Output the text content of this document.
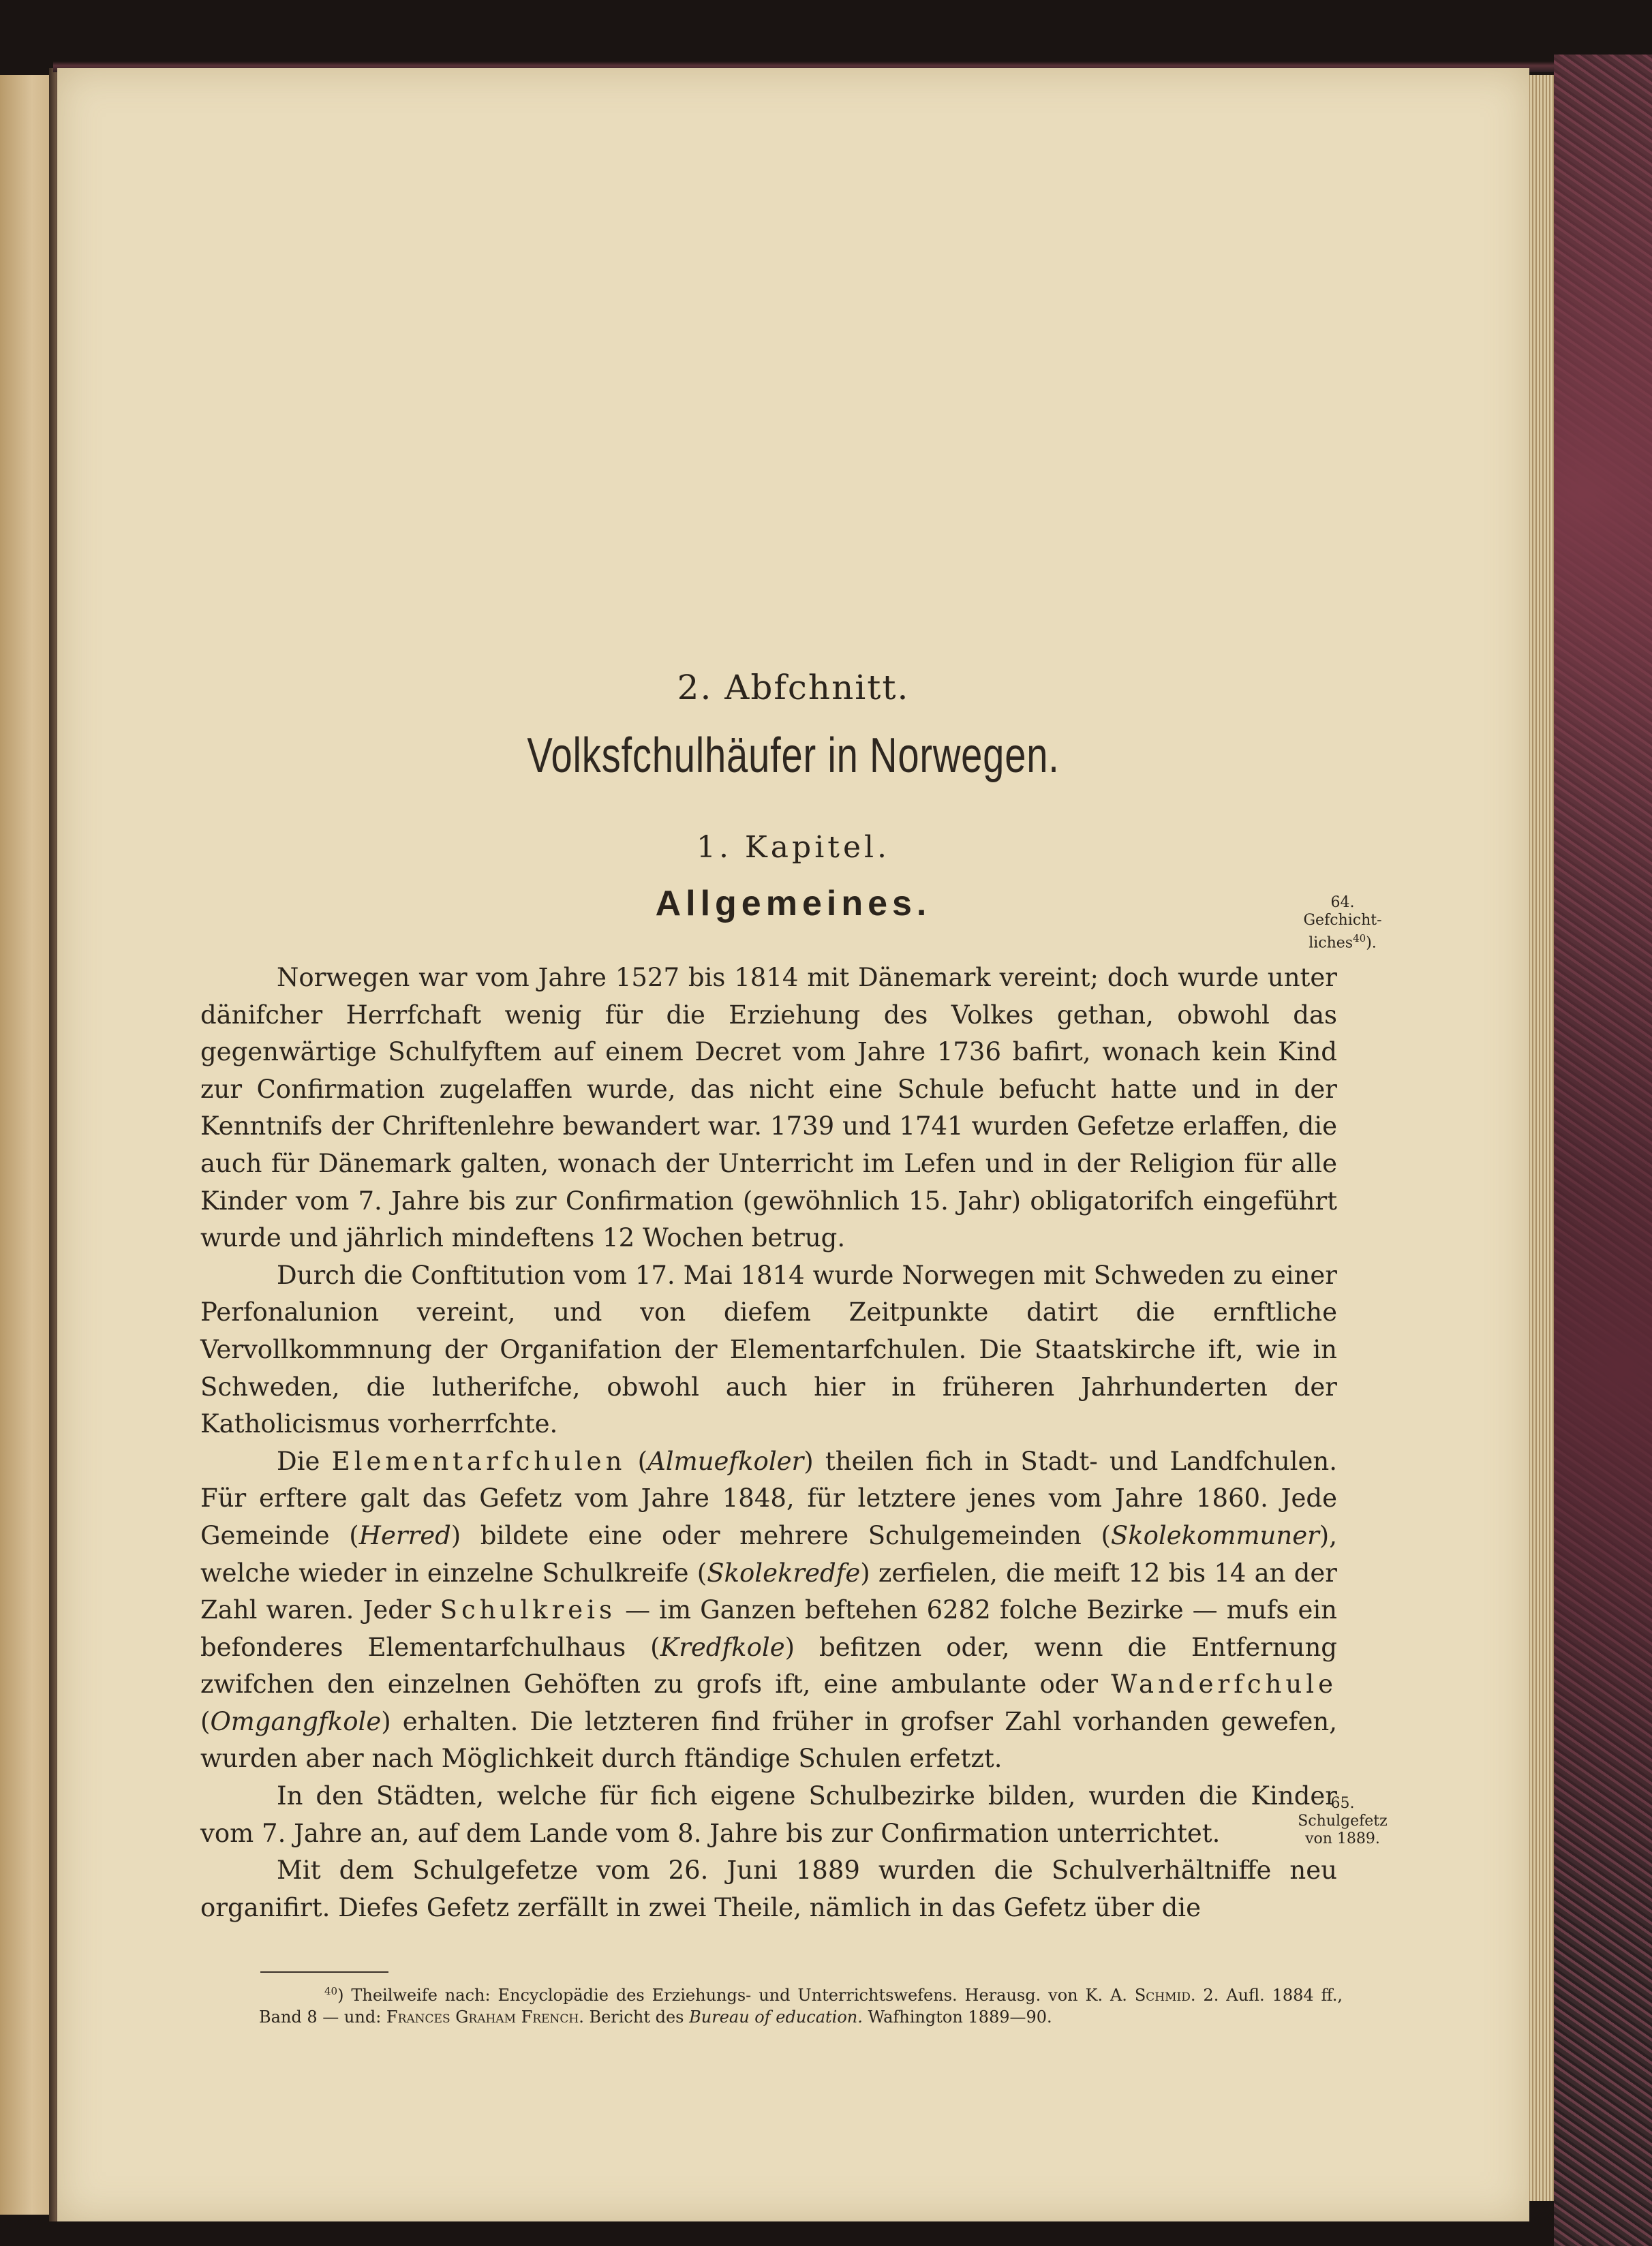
2. Abfchnitt.
Volksfchulhäufer in Norwegen.
1. Kapitel.
Allgemeines.

Norwegen war vom Jahre 1527 bis 1814 mit Dänemark vereint; doch wurde unter dänifcher Herrfchaft wenig für die Erziehung des Volkes gethan, obwohl das gegenwärtige Schulfyftem auf einem Decret vom Jahre 1736 bafirt, wonach kein Kind zur Confirmation zugelaffen wurde, das nicht eine Schule befucht hatte und in der Kenntnifs der Chriftenlehre bewandert war. 1739 und 1741 wurden Gefetze erlaffen, die auch für Dänemark galten, wonach der Unterricht im Lefen und in der Religion für alle Kinder vom 7. Jahre bis zur Confirmation (gewöhnlich 15. Jahr) obligatorifch eingeführt wurde und jährlich mindeftens 12 Wochen betrug.

Durch die Conftitution vom 17. Mai 1814 wurde Norwegen mit Schweden zu einer Perfonalunion vereint, und von diefem Zeitpunkte datirt die ernftliche Vervollkommnung der Organifation der Elementarfchulen. Die Staatskirche ift, wie in Schweden, die lutherifche, obwohl auch hier in früheren Jahrhunderten der Katholicismus vorherrfchte.

Die Elementarfchulen (Almuefkoler) theilen fich in Stadt- und Landfchulen. Für erftere galt das Gefetz vom Jahre 1848, für letztere jenes vom Jahre 1860. Jede Gemeinde (Herred) bildete eine oder mehrere Schulgemeinden (Skolekommuner), welche wieder in einzelne Schulkreife (Skolekredfe) zerfielen, die meift 12 bis 14 an der Zahl waren. Jeder Schulkreis — im Ganzen beftehen 6282 folche Bezirke — mufs ein befonderes Elementarfchulhaus (Kredfkole) befitzen oder, wenn die Entfernung zwifchen den einzelnen Gehöften zu grofs ift, eine ambulante oder Wanderfchule (Omgangfkole) erhalten. Die letzteren find früher in grofser Zahl vorhanden gewefen, wurden aber nach Möglichkeit durch ftändige Schulen erfetzt.

In den Städten, welche für fich eigene Schulbezirke bilden, wurden die Kinder vom 7. Jahre an, auf dem Lande vom 8. Jahre bis zur Confirmation unterrichtet.

Mit dem Schulgefetze vom 26. Juni 1889 wurden die Schulverhältniffe neu organifirt. Diefes Gefetz zerfällt in zwei Theile, nämlich in das Gefetz über die

64.
Gefchicht-
liches$^{40}$).
65.
Schulgefetz
von 1889.

$^{40}$) Theilweife nach: Encyclopädie des Erziehungs- und Unterrichtswefens. Herausg. von K. A. Schmid. 2. Aufl. 1884 ff., Band 8 — und: Frances Graham French. Bericht des Bureau of education. Wafhington 1889—90.
